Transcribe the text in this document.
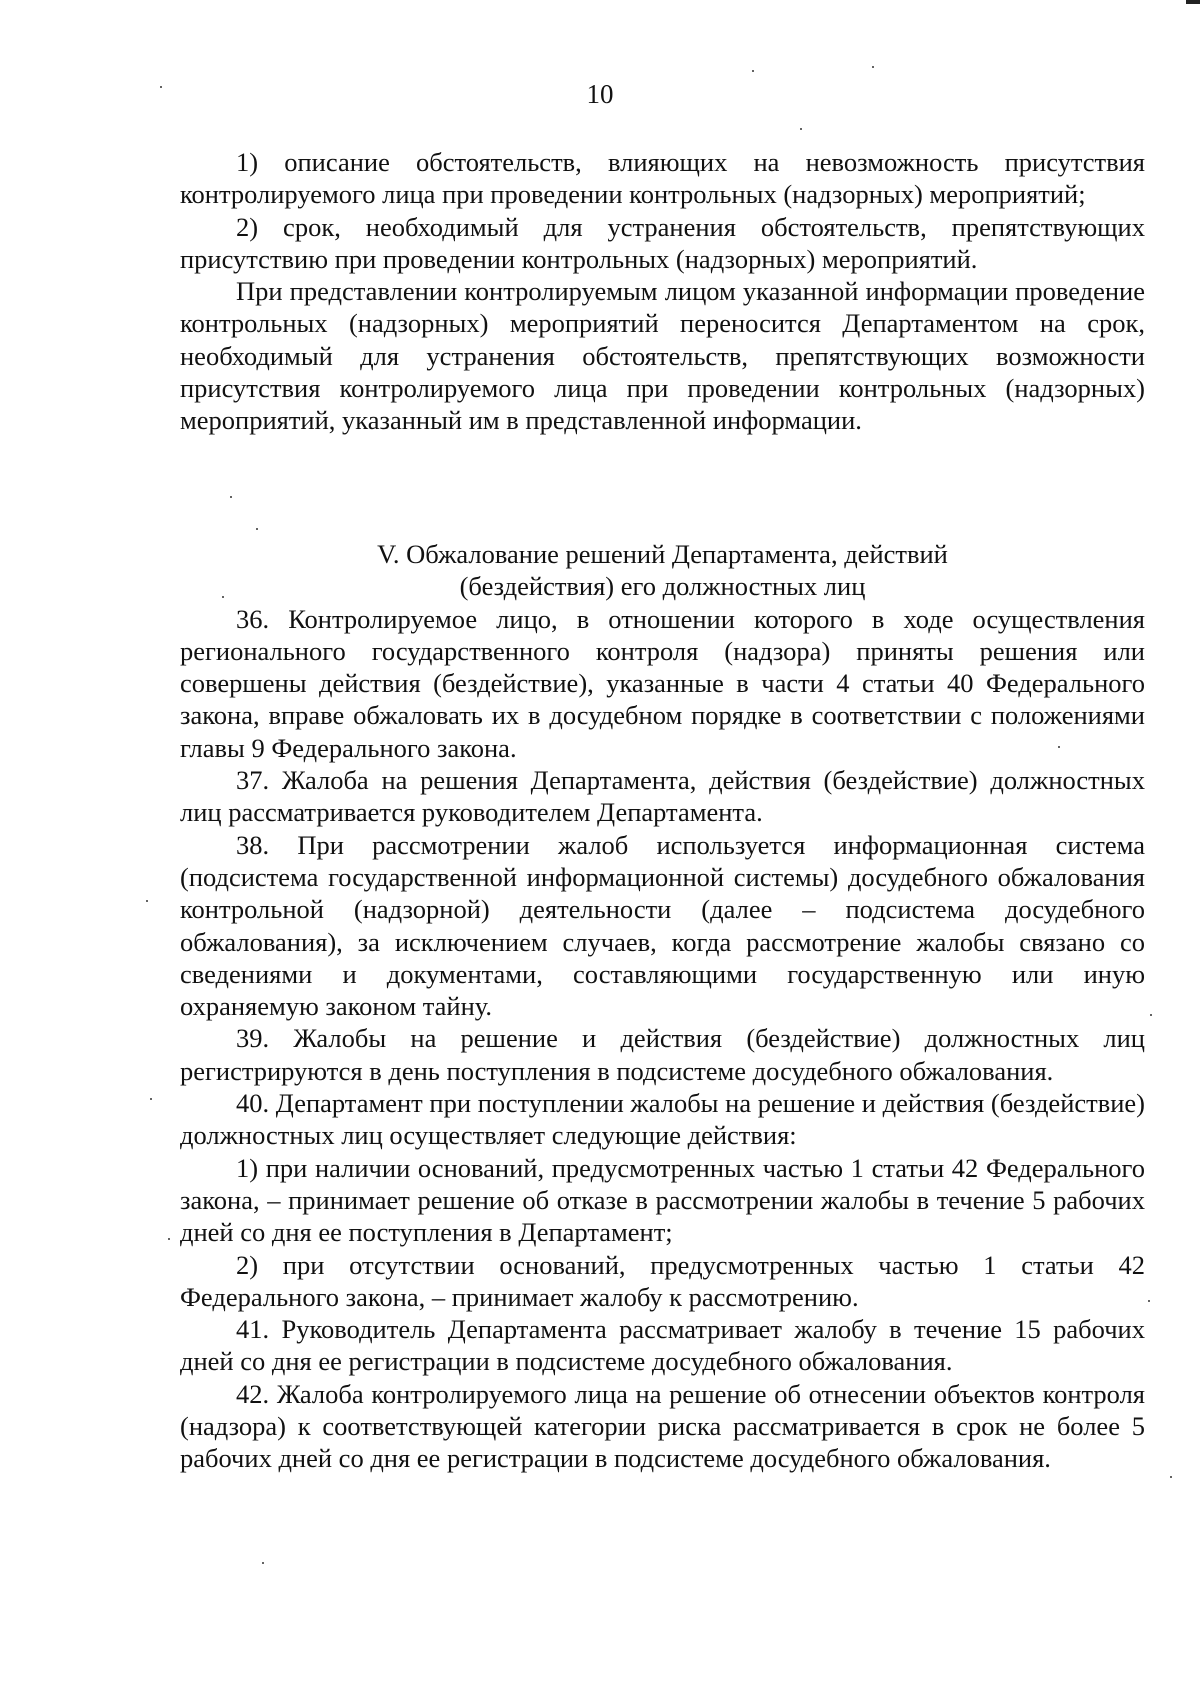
10

1) описание обстоятельств, влияющих на невозможность присутствия контролируемого лица при проведении контрольных (надзорных) мероприятий;

2) срок, необходимый для устранения обстоятельств, препятствующих присутствию при проведении контрольных (надзорных) мероприятий.

При представлении контролируемым лицом указанной информации проведение контрольных (надзорных) мероприятий переносится Департаментом на срок, необходимый для устранения обстоятельств, препятствующих возможности присутствия контролируемого лица при проведении контрольных (надзорных) мероприятий, указанный им в представленной информации.

V. Обжалование решений Департамента, действий
(бездействия) его должностных лиц

36. Контролируемое лицо, в отношении которого в ходе осуществления регионального государственного контроля (надзора) приняты решения или совершены действия (бездействие), указанные в части 4 статьи 40 Федерального закона, вправе обжаловать их в досудебном порядке в соответствии с положениями главы 9 Федерального закона.

37. Жалоба на решения Департамента, действия (бездействие) должностных лиц рассматривается руководителем Департамента.

38. При рассмотрении жалоб используется информационная система (подсистема государственной информационной системы) досудебного обжалования контрольной (надзорной) деятельности (далее – подсистема досудебного обжалования), за исключением случаев, когда рассмотрение жалобы связано со сведениями и документами, составляющими государственную или иную охраняемую законом тайну.

39. Жалобы на решение и действия (бездействие) должностных лиц регистрируются в день поступления в подсистеме досудебного обжалования.

40. Департамент при поступлении жалобы на решение и действия (бездействие) должностных лиц осуществляет следующие действия:

1) при наличии оснований, предусмотренных частью 1 статьи 42 Федерального закона, – принимает решение об отказе в рассмотрении жалобы в течение 5 рабочих дней со дня ее поступления в Департамент;

2) при отсутствии оснований, предусмотренных частью 1 статьи 42 Федерального закона, – принимает жалобу к рассмотрению.

41. Руководитель Департамента рассматривает жалобу в течение 15 рабочих дней со дня ее регистрации в подсистеме досудебного обжалования.

42. Жалоба контролируемого лица на решение об отнесении объектов контроля (надзора) к соответствующей категории риска рассматривается в срок не более 5 рабочих дней со дня ее регистрации в подсистеме досудебного обжалования.
